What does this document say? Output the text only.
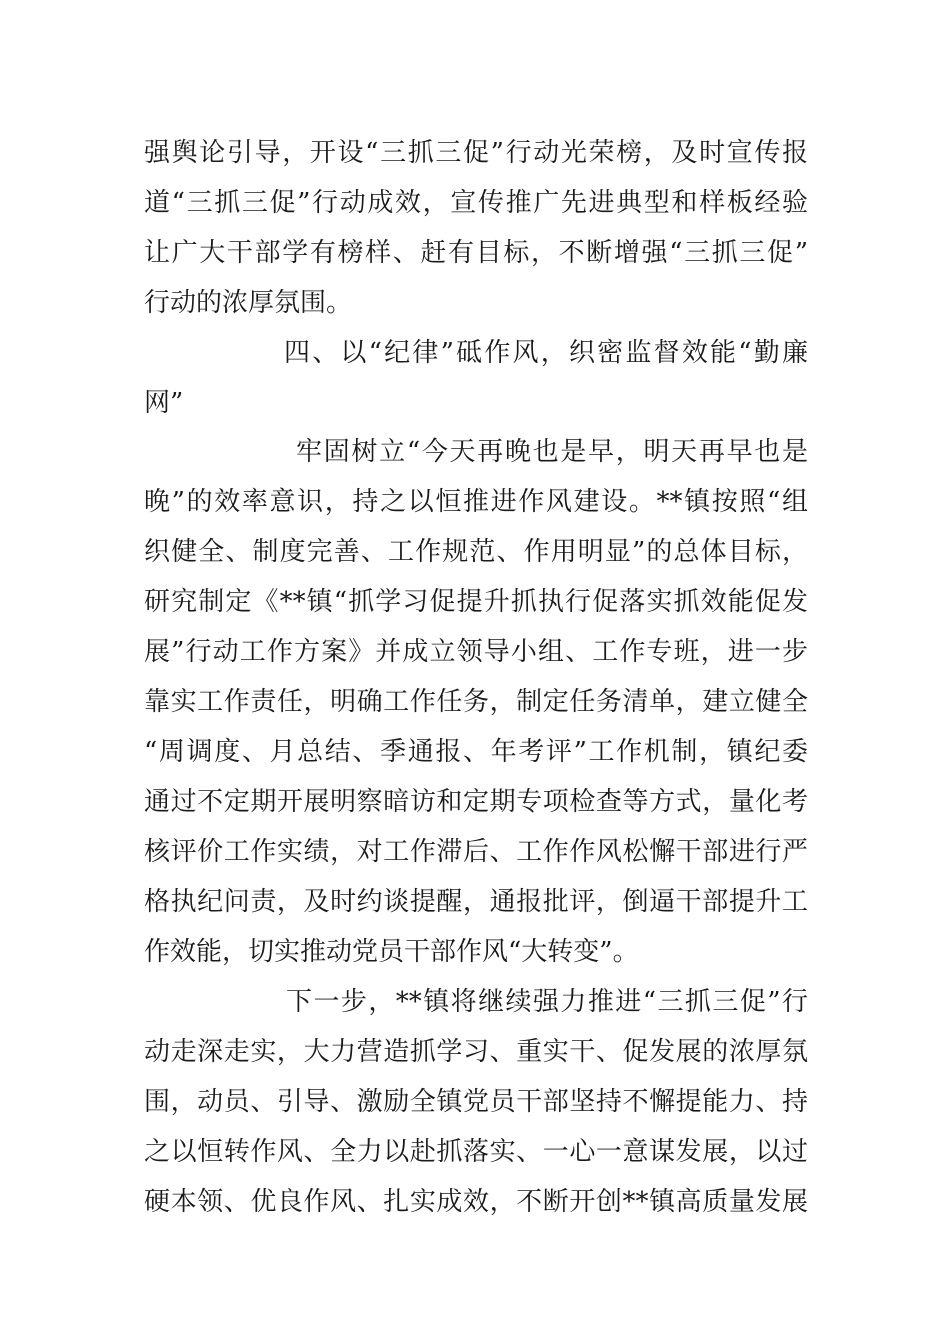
强舆论引导，开设“三抓三促”行动光荣榜，及时宣传报
道“三抓三促”行动成效，宣传推广先进典型和样板经验
让广大干部学有榜样、赶有目标，不断增强“三抓三促”
行动的浓厚氛围。
四、以“纪律”砥作风，织密监督效能“勤廉
网”
牢固树立“今天再晚也是早，明天再早也是
晚”的效率意识，持之以恒推进作风建设。**镇按照“组
织健全、制度完善、工作规范、作用明显”的总体目标，
研究制定《**镇“抓学习促提升抓执行促落实抓效能促发
展”行动工作方案》并成立领导小组、工作专班，进一步
靠实工作责任，明确工作任务，制定任务清单，建立健全
“周调度、月总结、季通报、年考评”工作机制，镇纪委
通过不定期开展明察暗访和定期专项检查等方式，量化考
核评价工作实绩，对工作滞后、工作作风松懈干部进行严
格执纪问责，及时约谈提醒，通报批评，倒逼干部提升工
作效能，切实推动党员干部作风“大转变”。
下一步，**镇将继续强力推进“三抓三促”行
动走深走实，大力营造抓学习、重实干、促发展的浓厚氛
围，动员、引导、激励全镇党员干部坚持不懈提能力、持
之以恒转作风、全力以赴抓落实、一心一意谋发展，以过
硬本领、优良作风、扎实成效，不断开创**镇高质量发展
